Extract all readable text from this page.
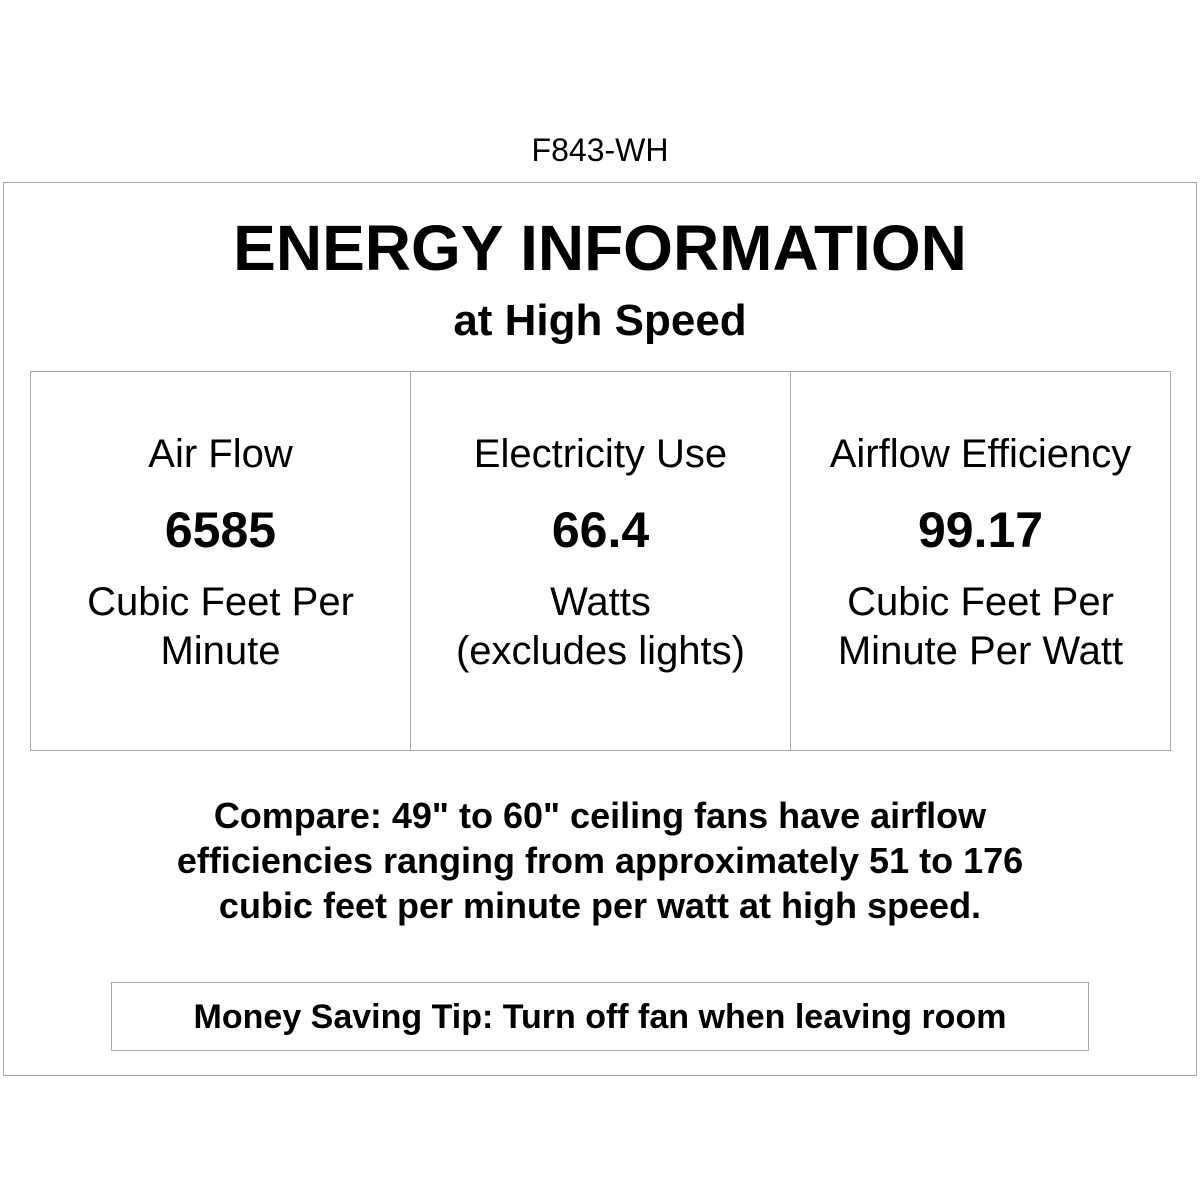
F843-WH
ENERGY INFORMATION
at High Speed
Air Flow
6585
Cubic Feet Per
Minute
Electricity Use
66.4
Watts
(excludes lights)
Airflow Efficiency
99.17
Cubic Feet Per
Minute Per Watt
Compare: 49" to 60" ceiling fans have airflow
efficiencies ranging from approximately 51 to 176
cubic feet per minute per watt at high speed.
Money Saving Tip: Turn off fan when leaving room
